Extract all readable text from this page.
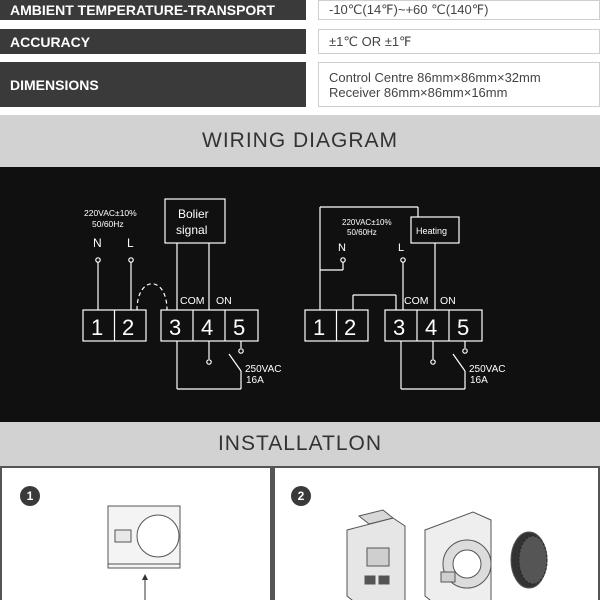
AMBIENT TEMPERATURE-TRANSPORT	-10℃(14℉)~+60 ℃(140℉)
ACCURACY	±1℃ OR ±1℉
DIMENSIONS	Control Centre 86mm×86mm×32mm
Receiver 86mm×86mm×16mm
WIRING DIAGRAM
220VAC±10%
50/60Hz
N L
Bolier
signal
COM ON
1 2 3 4 5
250VAC
16A
220VAC±10%
50/60Hz
N	L
Heating
COM ON
1 2 3 4 5
250VAC
16A
INSTALLATLON
1	2
